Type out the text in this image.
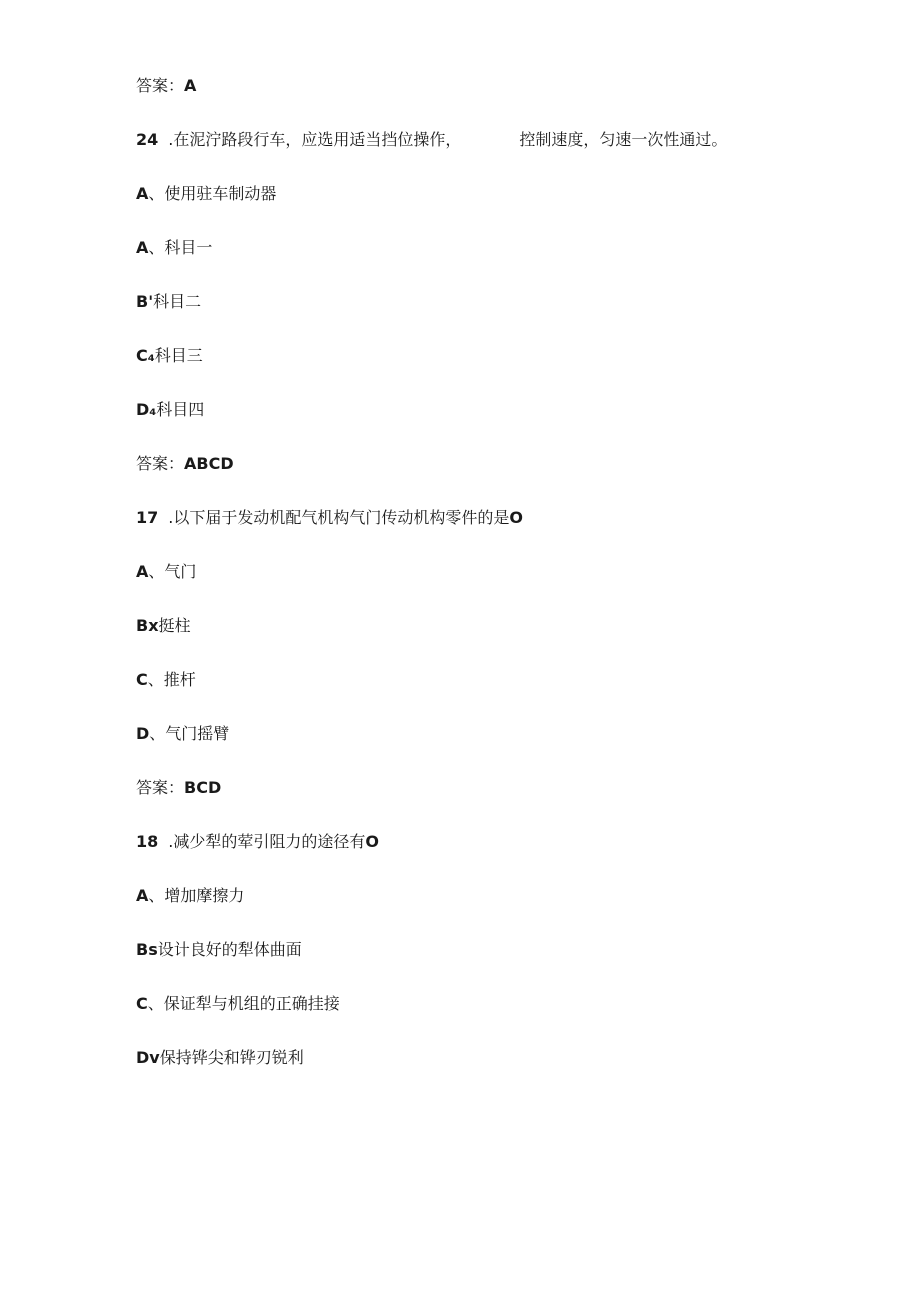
答案：A
24 .在泥泞路段行车，应选用适当挡位操作，	控制速度，匀速一次性通过。
A、使用驻车制动器
A、科目一
B'科目二
C₄科目三
D₄科目四
答案：ABCD
17 .以下届于发动机配气机构气门传动机构零件的是O
A、气门
Bx挺柱
C、推杆
D、气门摇臂
答案：BCD
18 .减少犁的荤引阻力的途径有O
A、增加摩擦力
Bs设计良好的犁体曲面
C、保证犁与机组的正确挂接
Dv保持铧尖和铧刃锐利
